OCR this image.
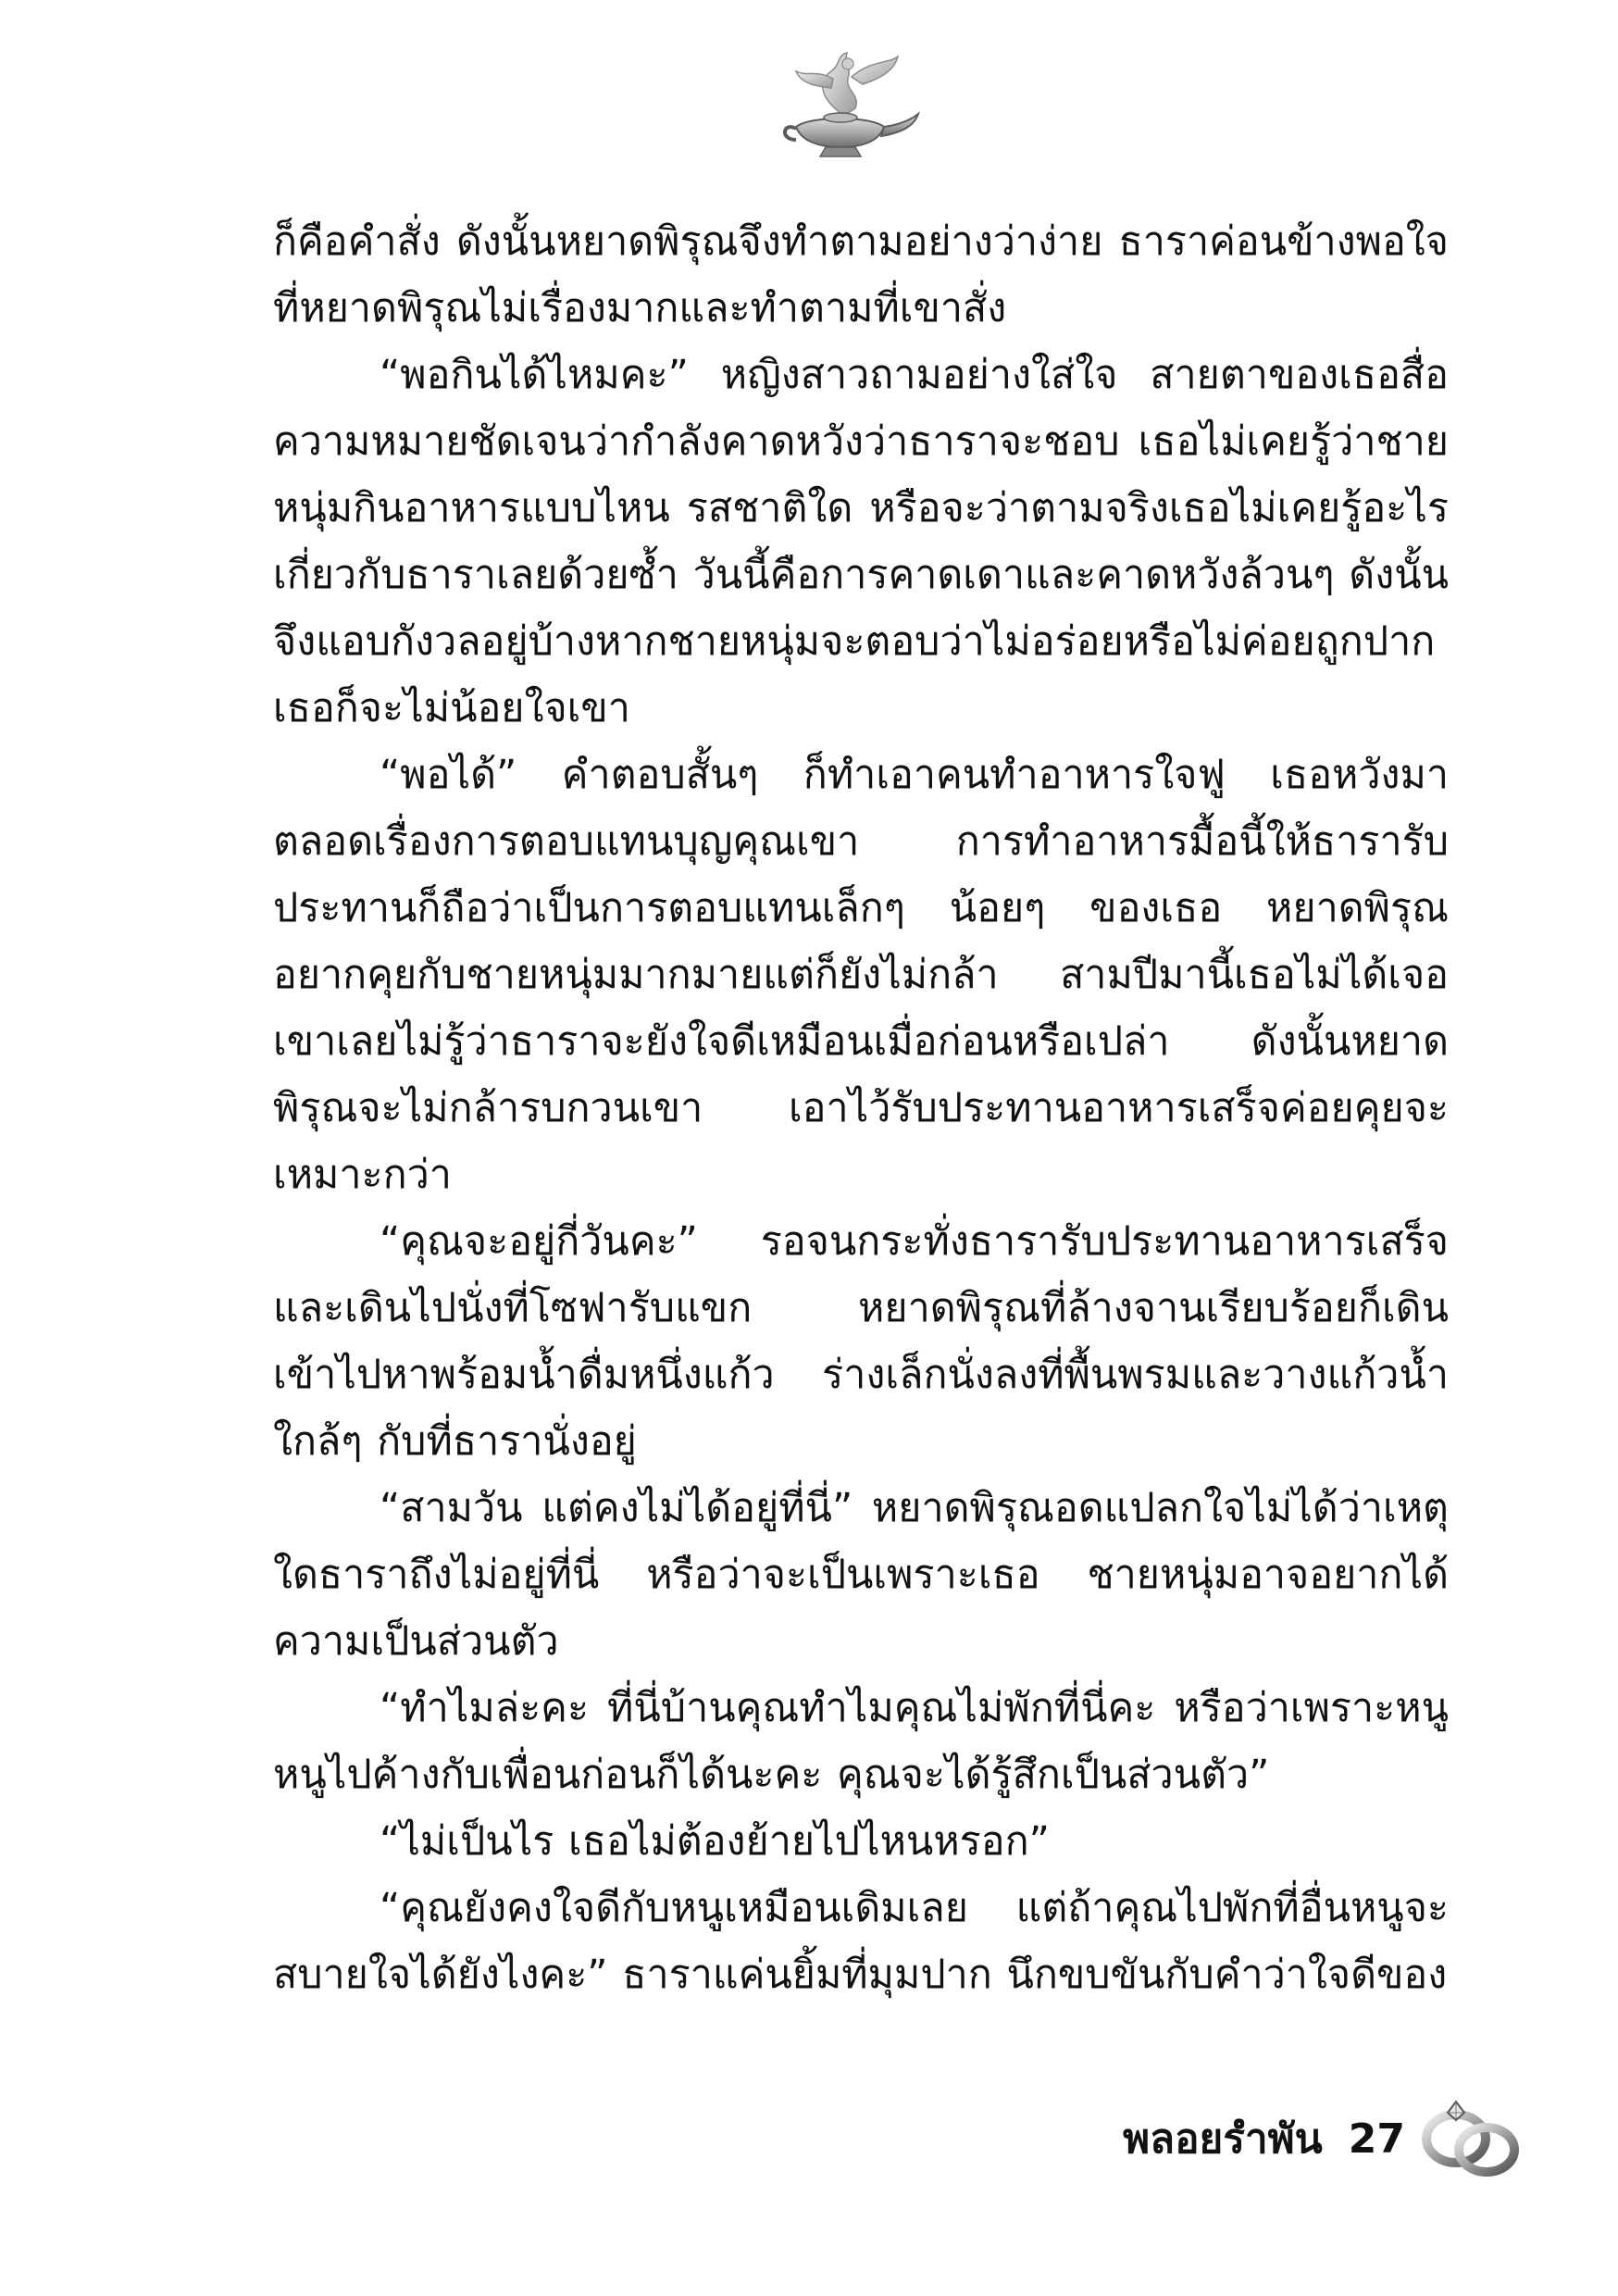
ก็คือคำสั่ง ดังนั้นหยาดพิรุณจึงทำตามอย่างว่าง่าย ธาราค่อนข้างพอใจที่หยาดพิรุณไม่เรื่องมากและทำตามที่เขาสั่ง

“พอกินได้ไหมคะ” หญิงสาวถามอย่างใส่ใจ สายตาของเธอสื่อความหมายชัดเจนว่ากำลังคาดหวังว่าธาราจะชอบ เธอไม่เคยรู้ว่าชายหนุ่มกินอาหารแบบไหน รสชาติใด หรือจะว่าตามจริงเธอไม่เคยรู้อะไรเกี่ยวกับธาราเลยด้วยซ้ำ วันนี้คือการคาดเดาและคาดหวังล้วนๆ ดังนั้นจึงแอบกังวลอยู่บ้างหากชายหนุ่มจะตอบว่าไม่อร่อยหรือไม่ค่อยถูกปากเธอก็จะไม่น้อยใจเขา

“พอได้” คำตอบสั้นๆ ก็ทำเอาคนทำอาหารใจฟู เธอหวังมาตลอดเรื่องการตอบแทนบุญคุณเขา การทำอาหารมื้อนี้ให้ธารารับประทานก็ถือว่าเป็นการตอบแทนเล็กๆ น้อยๆ ของเธอ หยาดพิรุณอยากคุยกับชายหนุ่มมากมายแต่ก็ยังไม่กล้า สามปีมานี้เธอไม่ได้เจอเขาเลยไม่รู้ว่าธาราจะยังใจดีเหมือนเมื่อก่อนหรือเปล่า ดังนั้นหยาดพิรุณจะไม่กล้ารบกวนเขา เอาไว้รับประทานอาหารเสร็จค่อยคุยจะเหมาะกว่า

“คุณจะอยู่กี่วันคะ” รอจนกระทั่งธารารับประทานอาหารเสร็จและเดินไปนั่งที่โซฟารับแขก หยาดพิรุณที่ล้างจานเรียบร้อยก็เดินเข้าไปหาพร้อมน้ำดื่มหนึ่งแก้ว ร่างเล็กนั่งลงที่พื้นพรมและวางแก้วน้ำใกล้ๆ กับที่ธารานั่งอยู่

“สามวัน แต่คงไม่ได้อยู่ที่นี่” หยาดพิรุณอดแปลกใจไม่ได้ว่าเหตุใดธาราถึงไม่อยู่ที่นี่ หรือว่าจะเป็นเพราะเธอ ชายหนุ่มอาจอยากได้ความเป็นส่วนตัว

“ทำไมล่ะคะ ที่นี่บ้านคุณทำไมคุณไม่พักที่นี่คะ หรือว่าเพราะหนู หนูไปค้างกับเพื่อนก่อนก็ได้นะคะ คุณจะได้รู้สึกเป็นส่วนตัว”

“ไม่เป็นไร เธอไม่ต้องย้ายไปไหนหรอก”

“คุณยังคงใจดีกับหนูเหมือนเดิมเลย แต่ถ้าคุณไปพักที่อื่นหนูจะสบายใจได้ยังไงคะ” ธาราแค่นยิ้มที่มุมปาก นึกขบขันกับคำว่าใจดีของ

พลอยรำพัน 27
